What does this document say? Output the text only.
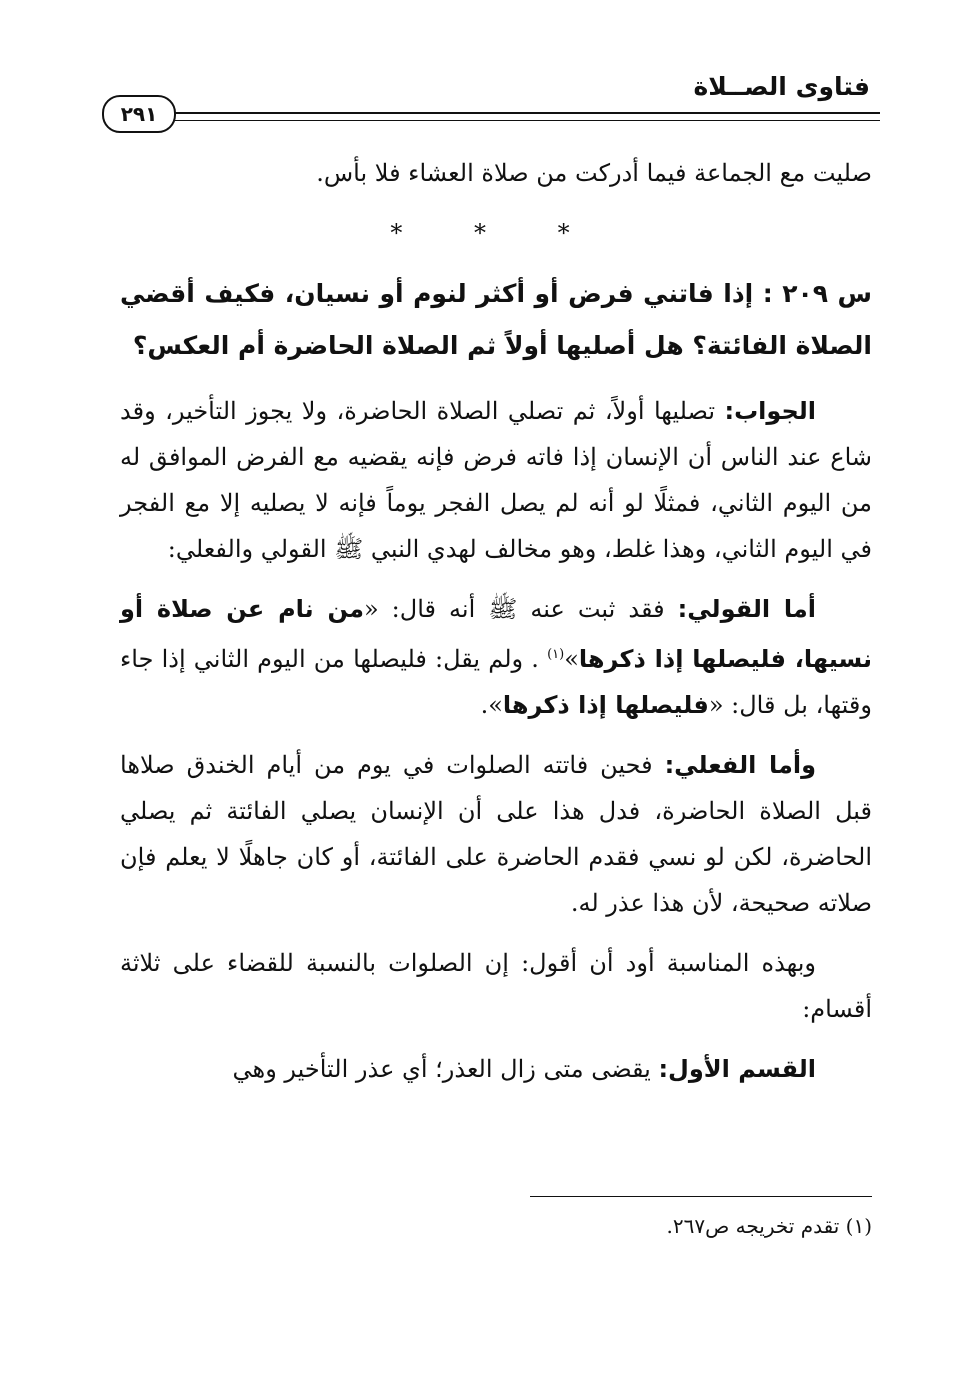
فتاوى الصــلاة
٢٩١

صليت مع الجماعة فيما أدركت من صلاة العشاء فلا بأس.

* * *

س ٢٠٩ : إذا فاتني فرض أو أكثر لنوم أو نسيان، فكيف أقضي الصلاة الفائتة؟ هل أصليها أولاً ثم الصلاة الحاضرة أم العكس؟

الجواب: تصليها أولاً، ثم تصلي الصلاة الحاضرة، ولا يجوز التأخير، وقد شاع عند الناس أن الإنسان إذا فاته فرض فإنه يقضيه مع الفرض الموافق له من اليوم الثاني، فمثلًا لو أنه لم يصل الفجر يوماً فإنه لا يصليه إلا مع الفجر في اليوم الثاني، وهذا غلط، وهو مخالف لهدي النبي ﷺ القولي والفعلي:

أما القولي: فقد ثبت عنه ﷺ أنه قال: «من نام عن صلاة أو نسيها، فليصلها إذا ذكرها»$^{(١)}$ . ولم يقل: فليصلها من اليوم الثاني إذا جاء وقتها، بل قال: «فليصلها إذا ذكرها».

وأما الفعلي: فحين فاتته الصلوات في يوم من أيام الخندق صلاها قبل الصلاة الحاضرة، فدل هذا على أن الإنسان يصلي الفائتة ثم يصلي الحاضرة، لكن لو نسي فقدم الحاضرة على الفائتة، أو كان جاهلًا لا يعلم فإن صلاته صحيحة، لأن هذا عذر له.

وبهذه المناسبة أود أن أقول: إن الصلوات بالنسبة للقضاء على ثلاثة أقسام:

القسم الأول: يقضى متى زال العذر؛ أي عذر التأخير وهي

(١) تقدم تخريجه ص٢٦٧.
